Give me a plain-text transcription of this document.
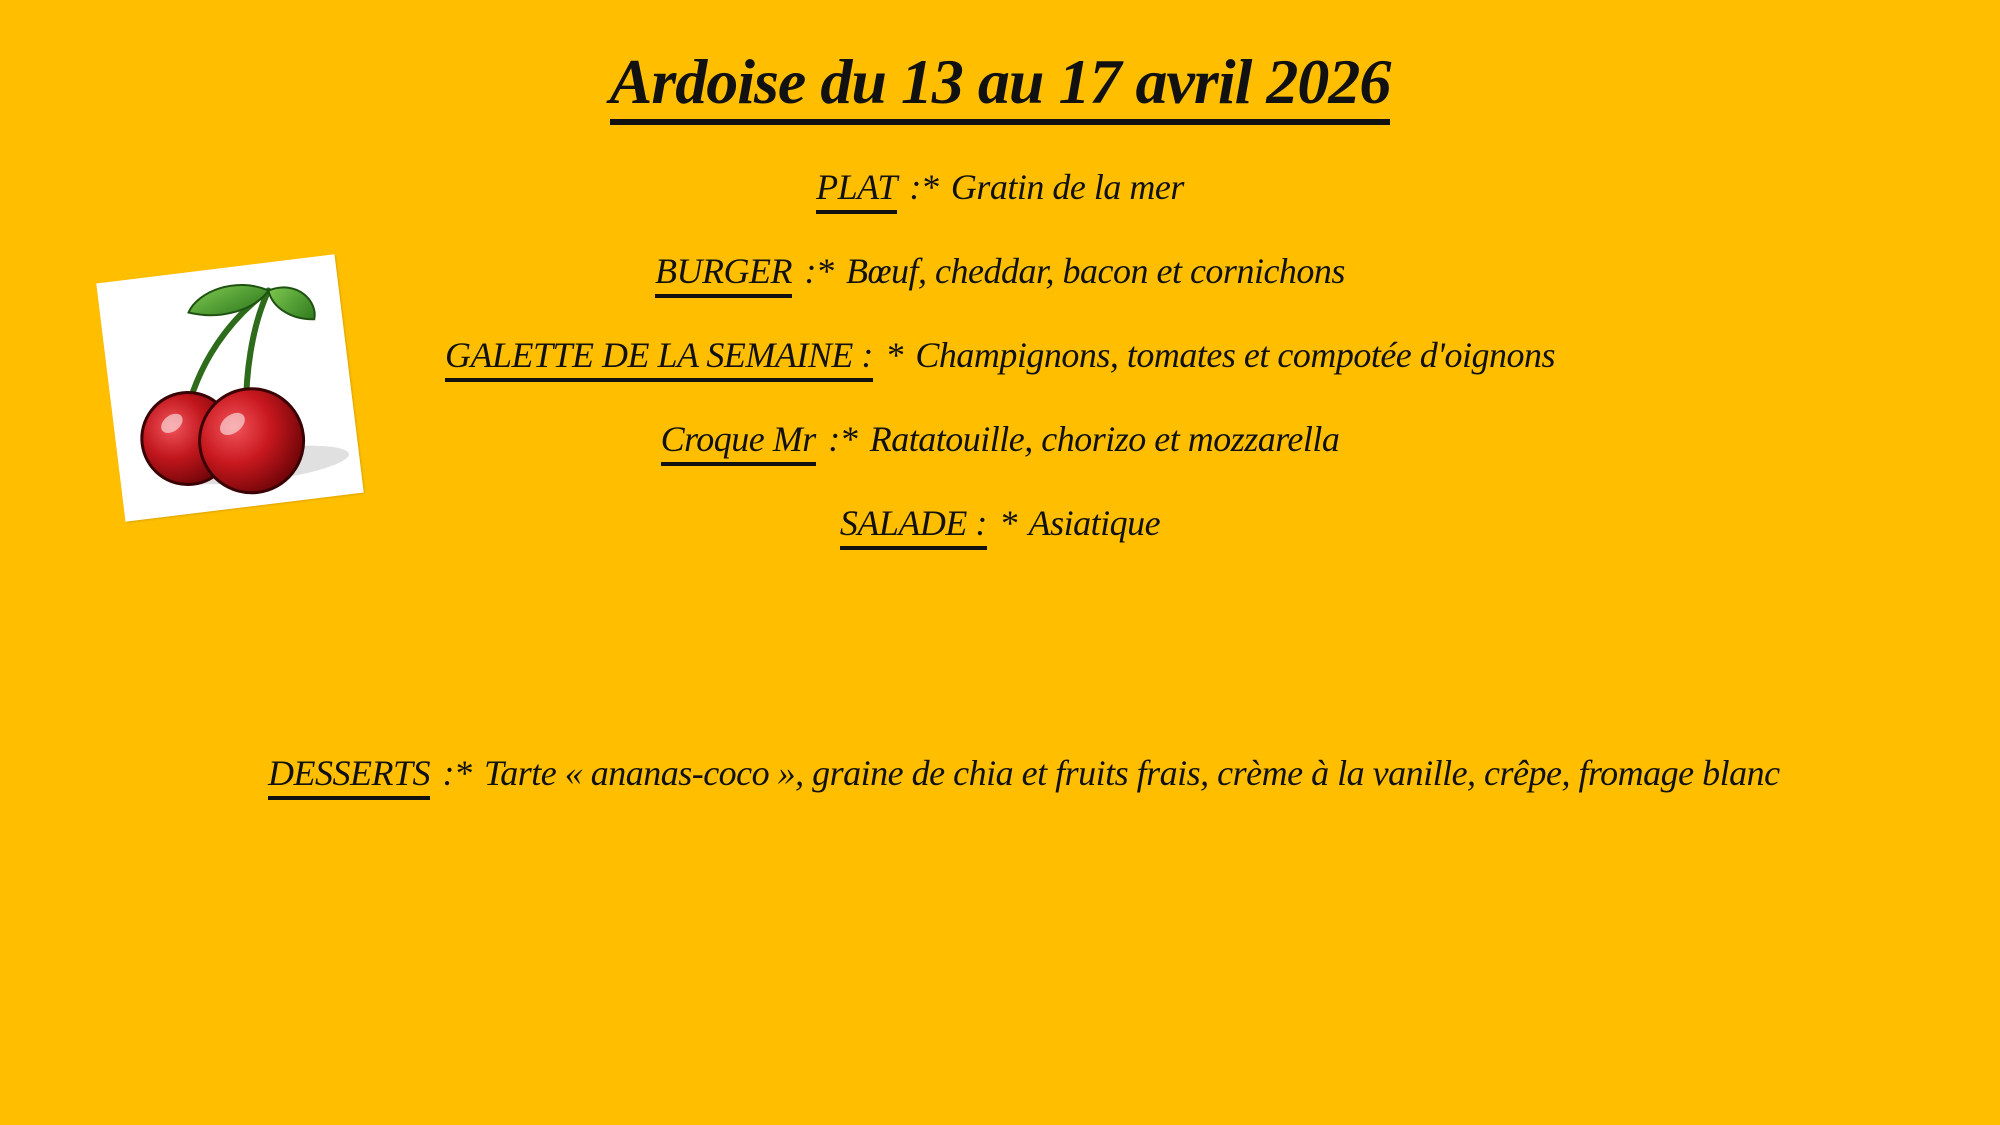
Ardoise du 13 au 17 avril 2026
PLAT :* Gratin de la mer
BURGER :* Bœuf, cheddar, bacon et cornichons
GALETTE DE LA SEMAINE : * Champignons, tomates et compotée d'oignons
Croque Mr :* Ratatouille, chorizo et mozzarella
SALADE : * Asiatique
DESSERTS :* Tarte « ananas-coco », graine de chia et fruits frais, crème à la vanille, crêpe, fromage blanc
